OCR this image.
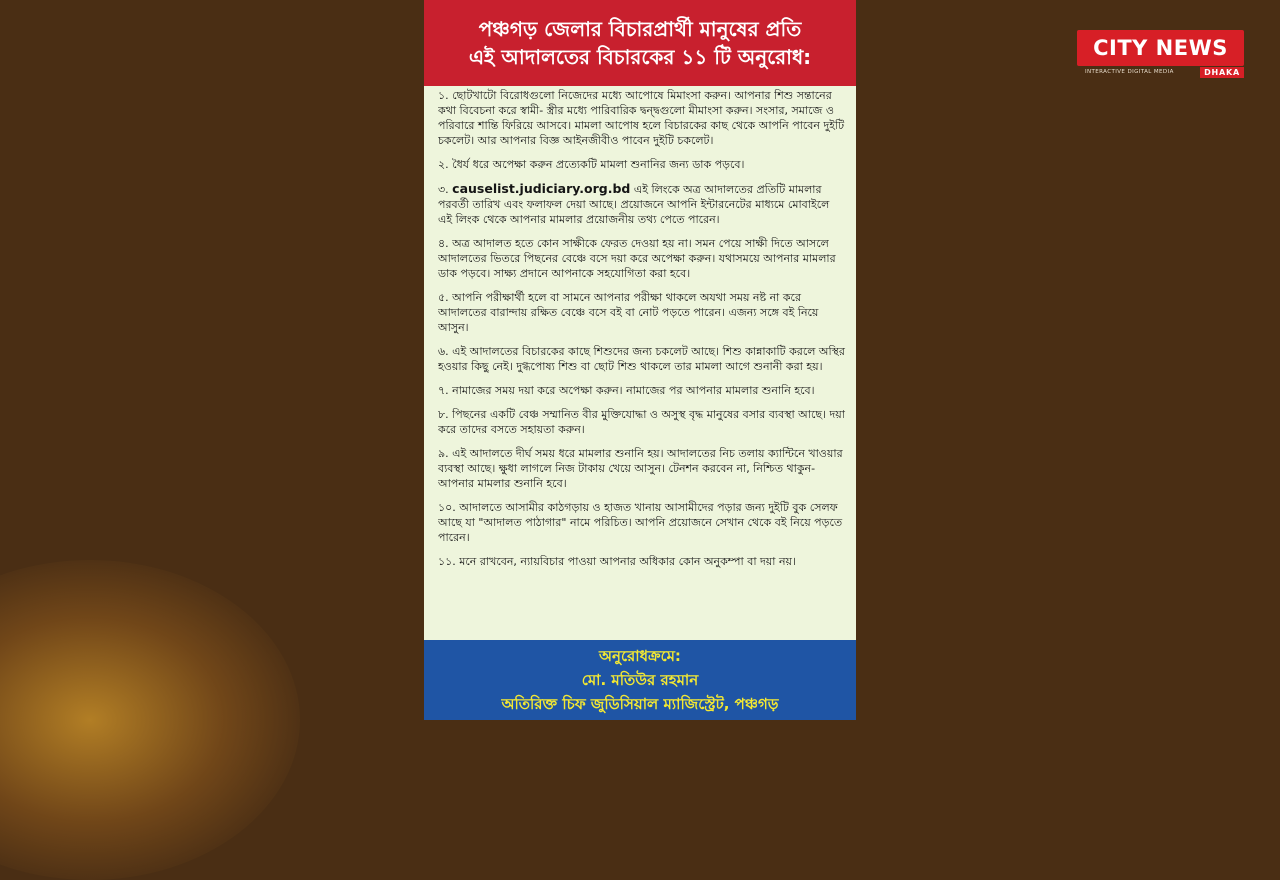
পঞ্চগড় জেলার বিচারপ্রার্থী মানুষের প্রতি
এই আদালতের বিচারকের ১১ টি অনুরোধ:

১. ছোটখাটো বিরোধগুলো নিজেদের মধ্যে আপোষে মিমাংসা করুন। আপনার শিশু সন্তানের কথা বিবেচনা করে স্বামী- স্ত্রীর মধ্যে পারিবারিক দ্বন্দ্বগুলো মীমাংসা করুন। সংসার, সমাজে ও পরিবারে শান্তি ফিরিয়ে আসবে। মামলা আপোষ হলে বিচারকের কাছ থেকে আপনি পাবেন দুইটি চকলেট। আর আপনার বিজ্ঞ আইনজীবীও পাবেন দুইটি চকলেট।

২. ধৈর্য ধরে অপেক্ষা করুন প্রত্যেকটি মামলা শুনানির জন্য ডাক পড়বে।

৩. causelist.judiciary.org.bd এই লিংকে অত্র আদালতের প্রতিটি মামলার পরবর্তী তারিখ এবং ফলাফল দেয়া আছে। প্রয়োজনে আপনি ইন্টারনেটের মাধ্যমে মোবাইলে এই লিংক থেকে আপনার মামলার প্রয়োজনীয় তথ্য পেতে পারেন।

৪. অত্র আদালত হতে কোন সাক্ষীকে ফেরত দেওয়া হয় না। সমন পেয়ে সাক্ষী দিতে আসলে আদালতের ভিতরে পিছনের বেঞ্চে বসে দয়া করে অপেক্ষা করুন। যথাসময়ে আপনার মামলার ডাক পড়বে। সাক্ষ্য প্রদানে আপনাকে সহযোগিতা করা হবে।

৫. আপনি পরীক্ষার্থী হলে বা সামনে আপনার পরীক্ষা থাকলে অযথা সময় নষ্ট না করে আদালতের বারান্দায় রক্ষিত বেঞ্চে বসে বই বা নোট পড়তে পারেন। এজন্য সঙ্গে বই নিয়ে আসুন।

৬. এই আদালতের বিচারকের কাছে শিশুদের জন্য চকলেট আছে। শিশু কান্নাকাটি করলে অস্থির হওয়ার কিছু নেই। দুগ্ধপোষ্য শিশু বা ছোট শিশু থাকলে তার মামলা আগে শুনানী করা হয়।

৭. নামাজের সময় দয়া করে অপেক্ষা করুন। নামাজের পর আপনার মামলার শুনানি হবে।

৮. পিছনের একটি বেঞ্চ সম্মানিত বীর মুক্তিযোদ্ধা ও অসুস্থ বৃদ্ধ মানুষের বসার ব্যবস্থা আছে। দয়া করে তাদের বসতে সহায়তা করুন।

৯. এই আদালতে দীর্ঘ সময় ধরে মামলার শুনানি হয়। আদালতের নিচ তলায় ক্যান্টিনে খাওয়ার ব্যবস্থা আছে। ক্ষুধা লাগলে নিজ টাকায় খেয়ে আসুন। টেনশন করবেন না, নিশ্চিত থাকুন- আপনার মামলার শুনানি হবে।

১০. আদালতে আসামীর কাঠগড়ায় ও হাজত খানায় আসামীদের পড়ার জন্য দুইটি বুক সেলফ আছে যা "আদালত পাঠাগার" নামে পরিচিত। আপনি প্রয়োজনে সেখান থেকে বই নিয়ে পড়তে পারেন।

১১. মনে রাখবেন, ন্যায়বিচার পাওয়া আপনার অধিকার কোন অনুকম্পা বা দয়া নয়।

অনুরোধক্রমে:
মো. মতিউর রহমান
অতিরিক্ত চিফ জুডিসিয়াল ম্যাজিস্ট্রেট, পঞ্চগড়
CITY NEWS
INTERACTIVE DIGITAL MEDIA	DHAKA
